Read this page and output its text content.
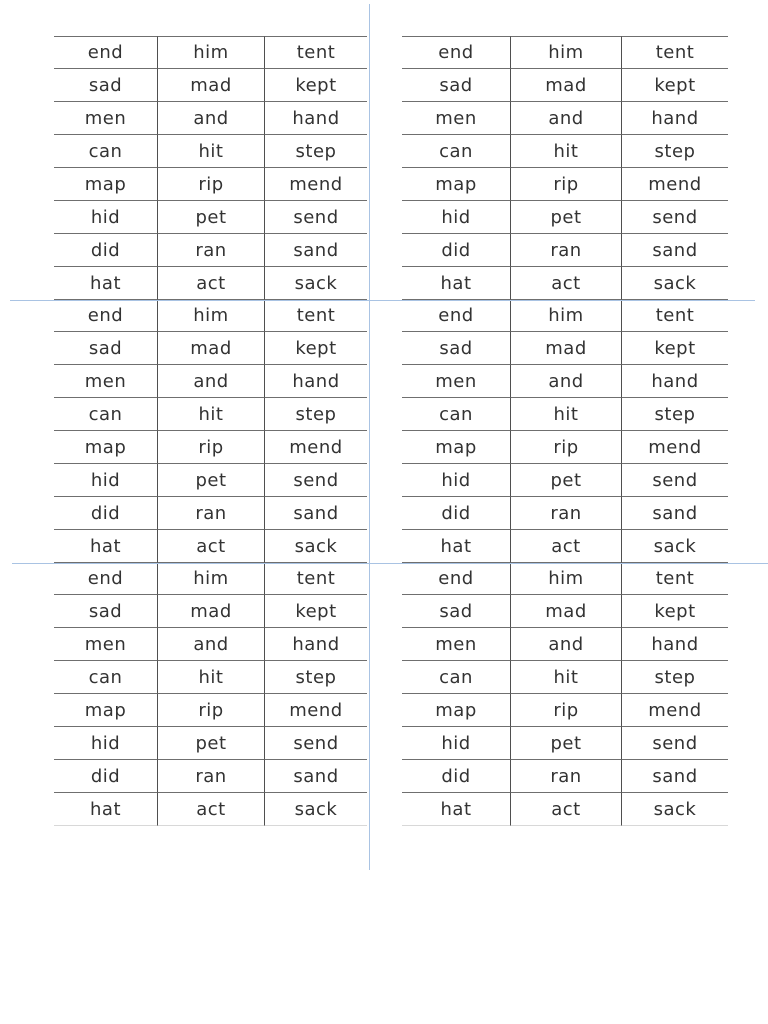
end	him	tent
sad	mad	kept
men	and	hand
can	hit	step
map	rip	mend
hid	pet	send
did	ran	sand
hat	act	sack
end	him	tent
sad	mad	kept
men	and	hand
can	hit	step
map	rip	mend
hid	pet	send
did	ran	sand
hat	act	sack
end	him	tent
sad	mad	kept
men	and	hand
can	hit	step
map	rip	mend
hid	pet	send
did	ran	sand
hat	act	sack
end	him	tent
sad	mad	kept
men	and	hand
can	hit	step
map	rip	mend
hid	pet	send
did	ran	sand
hat	act	sack
end	him	tent
sad	mad	kept
men	and	hand
can	hit	step
map	rip	mend
hid	pet	send
did	ran	sand
hat	act	sack
end	him	tent
sad	mad	kept
men	and	hand
can	hit	step
map	rip	mend
hid	pet	send
did	ran	sand
hat	act	sack
